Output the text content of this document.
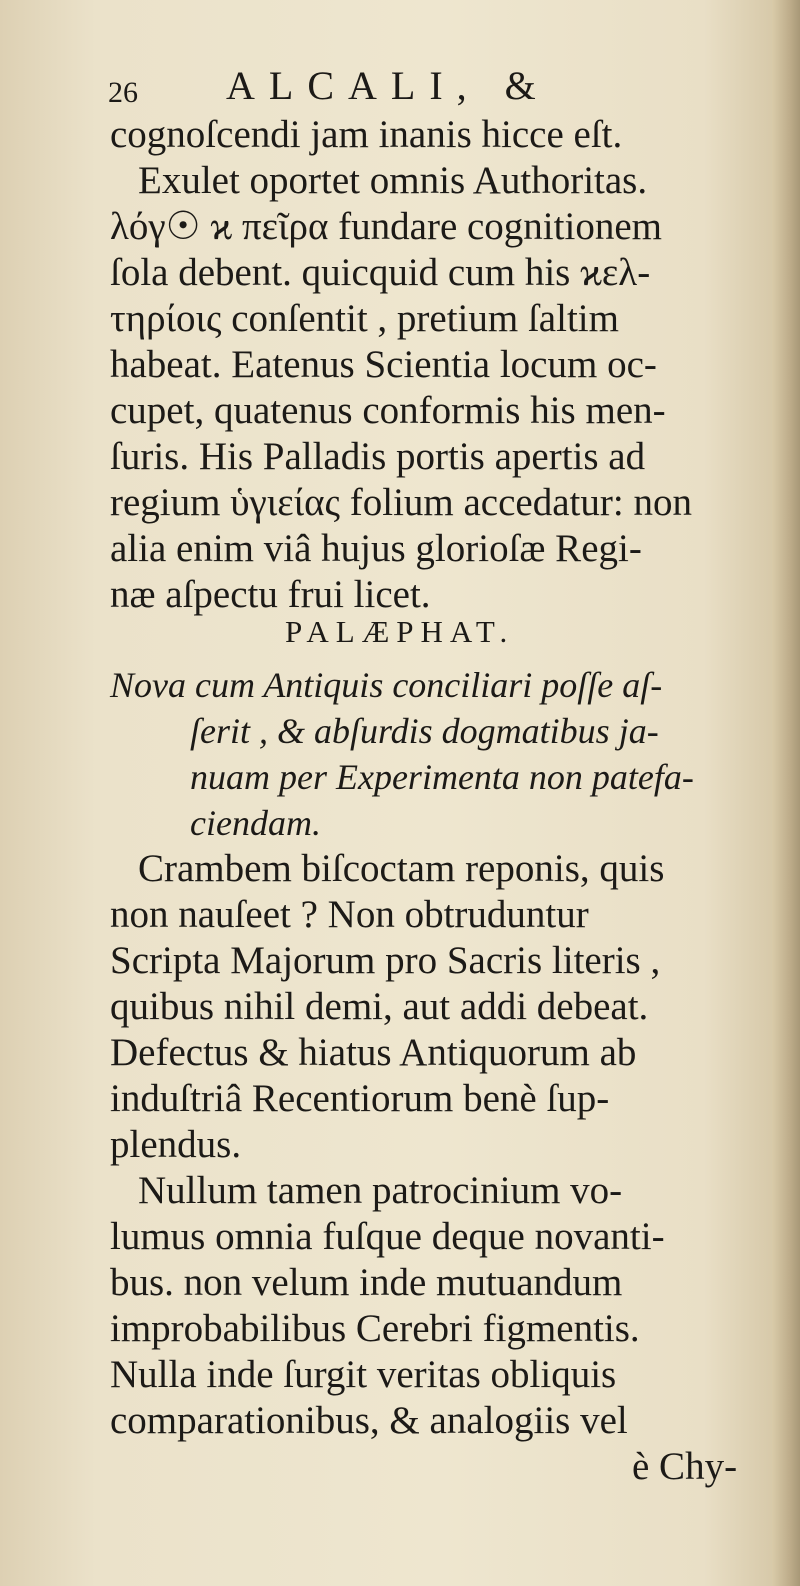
26 ALCALI, &
cognoſcendi jam inanis hicce eſt.
Exulet oportet omnis Authoritas.
λόγ☉ ϰ πεῖρα fundare cognitionem
ſola debent. quicquid cum his ϰελ-
τηρίοις conſentit , pretium ſaltim
habeat. Eatenus Scientia locum oc-
cupet, quatenus conformis his men-
ſuris. His Palladis portis apertis ad
regium ὑγιείας folium accedatur: non
alia enim viâ hujus glorioſæ Regi-
næ aſpectu frui licet.
PALÆPHAT.
Nova cum Antiquis conciliari poſſe aſ-
ſerit , & abſurdis dogmatibus ja-
nuam per Experimenta non patefa-
ciendam.
Crambem biſcoctam reponis, quis
non nauſeet ? Non obtruduntur
Scripta Majorum pro Sacris literis ,
quibus nihil demi, aut addi debeat.
Defectus & hiatus Antiquorum ab
induſtriâ Recentiorum benè ſup-
plendus.
Nullum tamen patrocinium vo-
lumus omnia fuſque deque novanti-
bus. non velum inde mutuandum
improbabilibus Cerebri figmentis.
Nulla inde ſurgit veritas obliquis
comparationibus, & analogiis vel
è Chy-
